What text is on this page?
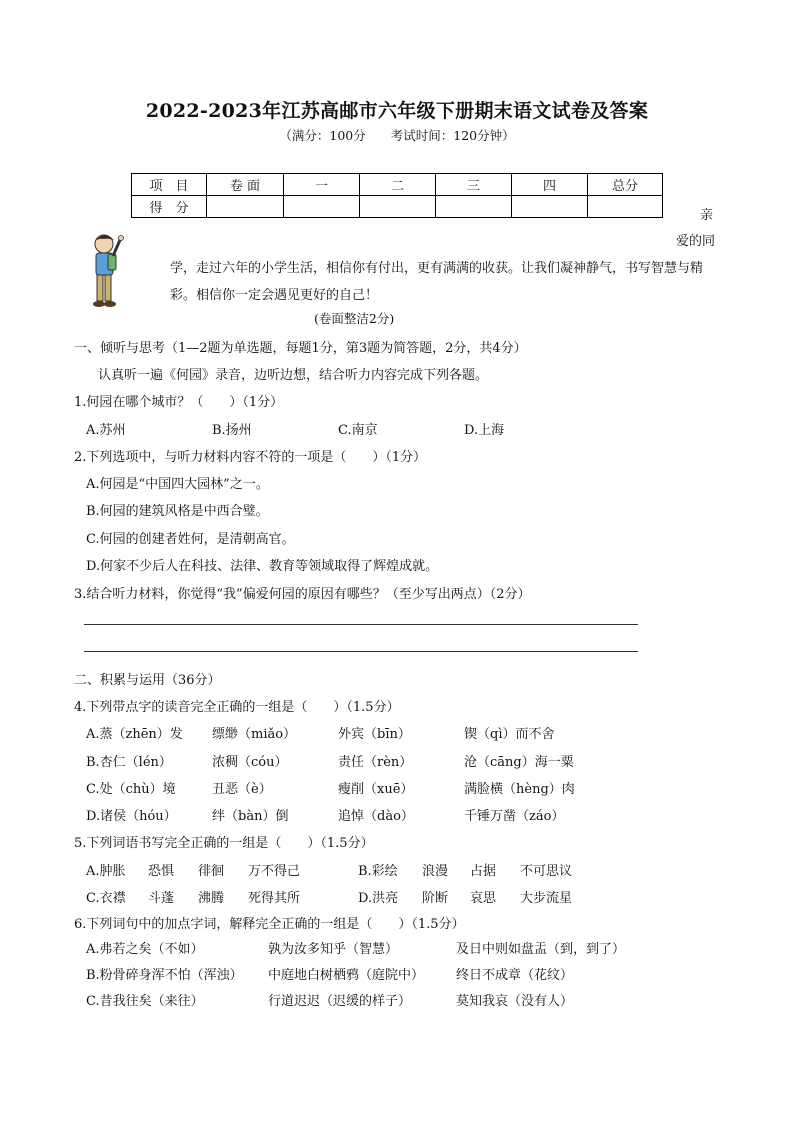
2022-2023年江苏高邮市六年级下册期末语文试卷及答案
（满分：100分　　考试时间：120分钟）
项　目	卷 面	一	二	三	四	总分
得　分							亲
爱的同
学，走过六年的小学生活，相信你有付出，更有满满的收获。让我们凝神静气，书写智慧与精
彩。相信你一定会遇见更好的自己！
(卷面整洁2分)
一、倾听与思考（1—2题为单选题，每题1分，第3题为简答题，2分，共4分）
认真听一遍《何园》录音，边听边想，结合听力内容完成下列各题。
1.何园在哪个城市？（　　）（1分）
A.苏州	B.扬州	C.南京	D.上海
2.下列选项中，与听力材料内容不符的一项是（　　）（1分）
A.何园是“中国四大园林”之一。
B.何园的建筑风格是中西合璧。
C.何园的创建者姓何，是清朝高官。
D.何家不少后人在科技、法律、教育等领域取得了辉煌成就。
3.结合听力材料，你觉得“我”偏爱何园的原因有哪些？（至少写出两点）（2分）
二、积累与运用（36分）
4.下列带点字的读音完全正确的一组是（　　）（1.5分）
A.蒸（zhēn）发 缥缈（miǎo）	外宾（bīn）	锲（qì）而不舍
B.杏仁（lén）	浓稠（cóu）	责任（rèn）	沧（cāng）海一粟
C.处（chù）境	丑恶（è）	瘦削（xuē）	满脸横（hèng）肉
D.诸侯（hóu）	绊（bàn）倒	追悼（dào）	千锤万凿（záo）
5.下列词语书写完全正确的一组是（　　）（1.5分）
A.肿胀 恐惧 徘徊 万不得己	B.彩绘 浪漫 占据 不可思议
C.衣襟 斗蓬 沸腾 死得其所	D.洪亮 阶断 哀思 大步流星
6.下列词句中的加点字词，解释完全正确的一组是（　　）（1.5分）
A.弗若之矣（不如）	孰为汝多知乎（智慧）	及日中则如盘盂（到，到了）
B.粉骨碎身浑不怕（浑浊） 中庭地白树栖鸦（庭院中） 终日不成章（花纹）
C.昔我往矣（来往）	行道迟迟（迟缓的样子）	莫知我哀（没有人）
